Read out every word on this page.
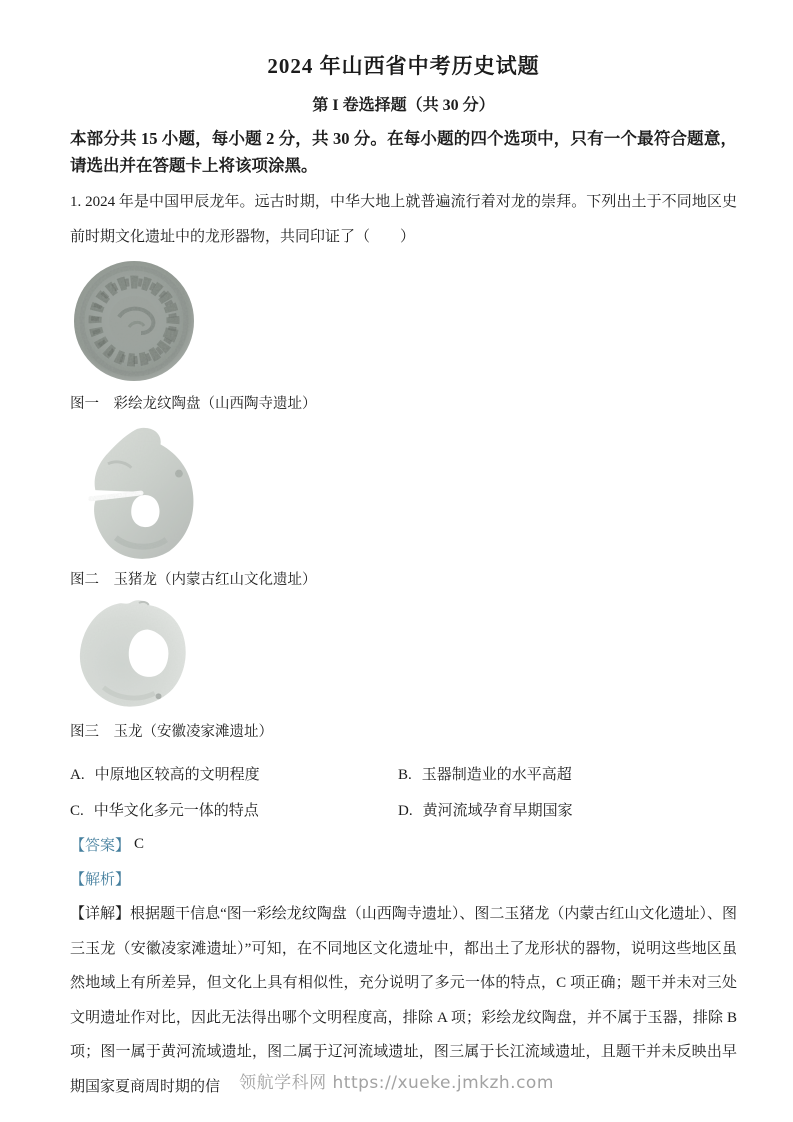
2024 年山西省中考历史试题
第 I 卷选择题（共 30 分）
本部分共 15 小题，每小题 2 分，共 30 分。在每小题的四个选项中，只有一个最符合题意，请选出并在答题卡上将该项涂黑。
1. 2024 年是中国甲辰龙年。远古时期，中华大地上就普遍流行着对龙的崇拜。下列出土于不同地区史前时期文化遗址中的龙形器物，共同印证了（　　）
图一　彩绘龙纹陶盘（山西陶寺遗址）
图二　玉猪龙（内蒙古红山文化遗址）
图三　玉龙（安徽凌家滩遗址）
A. 中原地区较高的文明程度	B. 玉器制造业的水平高超
C. 中华文化多元一体的特点	D. 黄河流域孕育早期国家
【答案】 C
【解析】
【详解】根据题干信息“图一彩绘龙纹陶盘（山西陶寺遗址）、图二玉猪龙（内蒙古红山文化遗址）、图三玉龙（安徽凌家滩遗址）”可知，在不同地区文化遗址中，都出土了龙形状的器物，说明这些地区虽然地域上有所差异，但文化上具有相似性，充分说明了多元一体的特点，C 项正确；题干并未对三处文明遗址作对比，因此无法得出哪个文明程度高，排除 A 项；彩绘龙纹陶盘，并不属于玉器，排除 B 项；图一属于黄河流域遗址，图二属于辽河流域遗址，图三属于长江流域遗址，且题干并未反映出早期国家夏商周时期的信	领航学科网 https://xueke.jmkzh.com
